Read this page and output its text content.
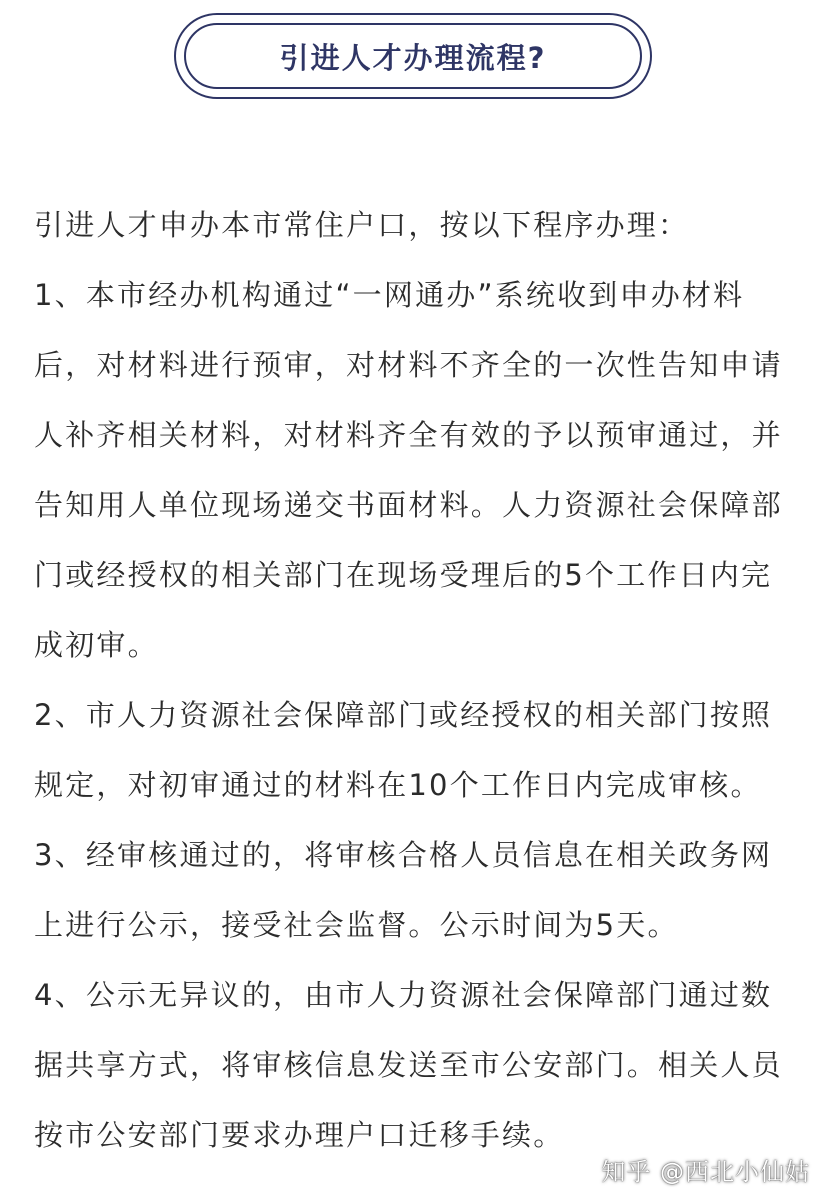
引进人才办理流程?

引进人才申办本市常住户口，按以下程序办理：

1、本市经办机构通过“一网通办”系统收到申办材料后，对材料进行预审，对材料不齐全的一次性告知申请人补齐相关材料，对材料齐全有效的予以预审通过，并告知用人单位现场递交书面材料。人力资源社会保障部门或经授权的相关部门在现场受理后的5个工作日内完成初审。

2、市人力资源社会保障部门或经授权的相关部门按照规定，对初审通过的材料在10个工作日内完成审核。

3、经审核通过的，将审核合格人员信息在相关政务网上进行公示，接受社会监督。公示时间为5天。

4、公示无异议的，由市人力资源社会保障部门通过数据共享方式，将审核信息发送至市公安部门。相关人员按市公安部门要求办理户口迁移手续。

知乎 @西北小仙姑
